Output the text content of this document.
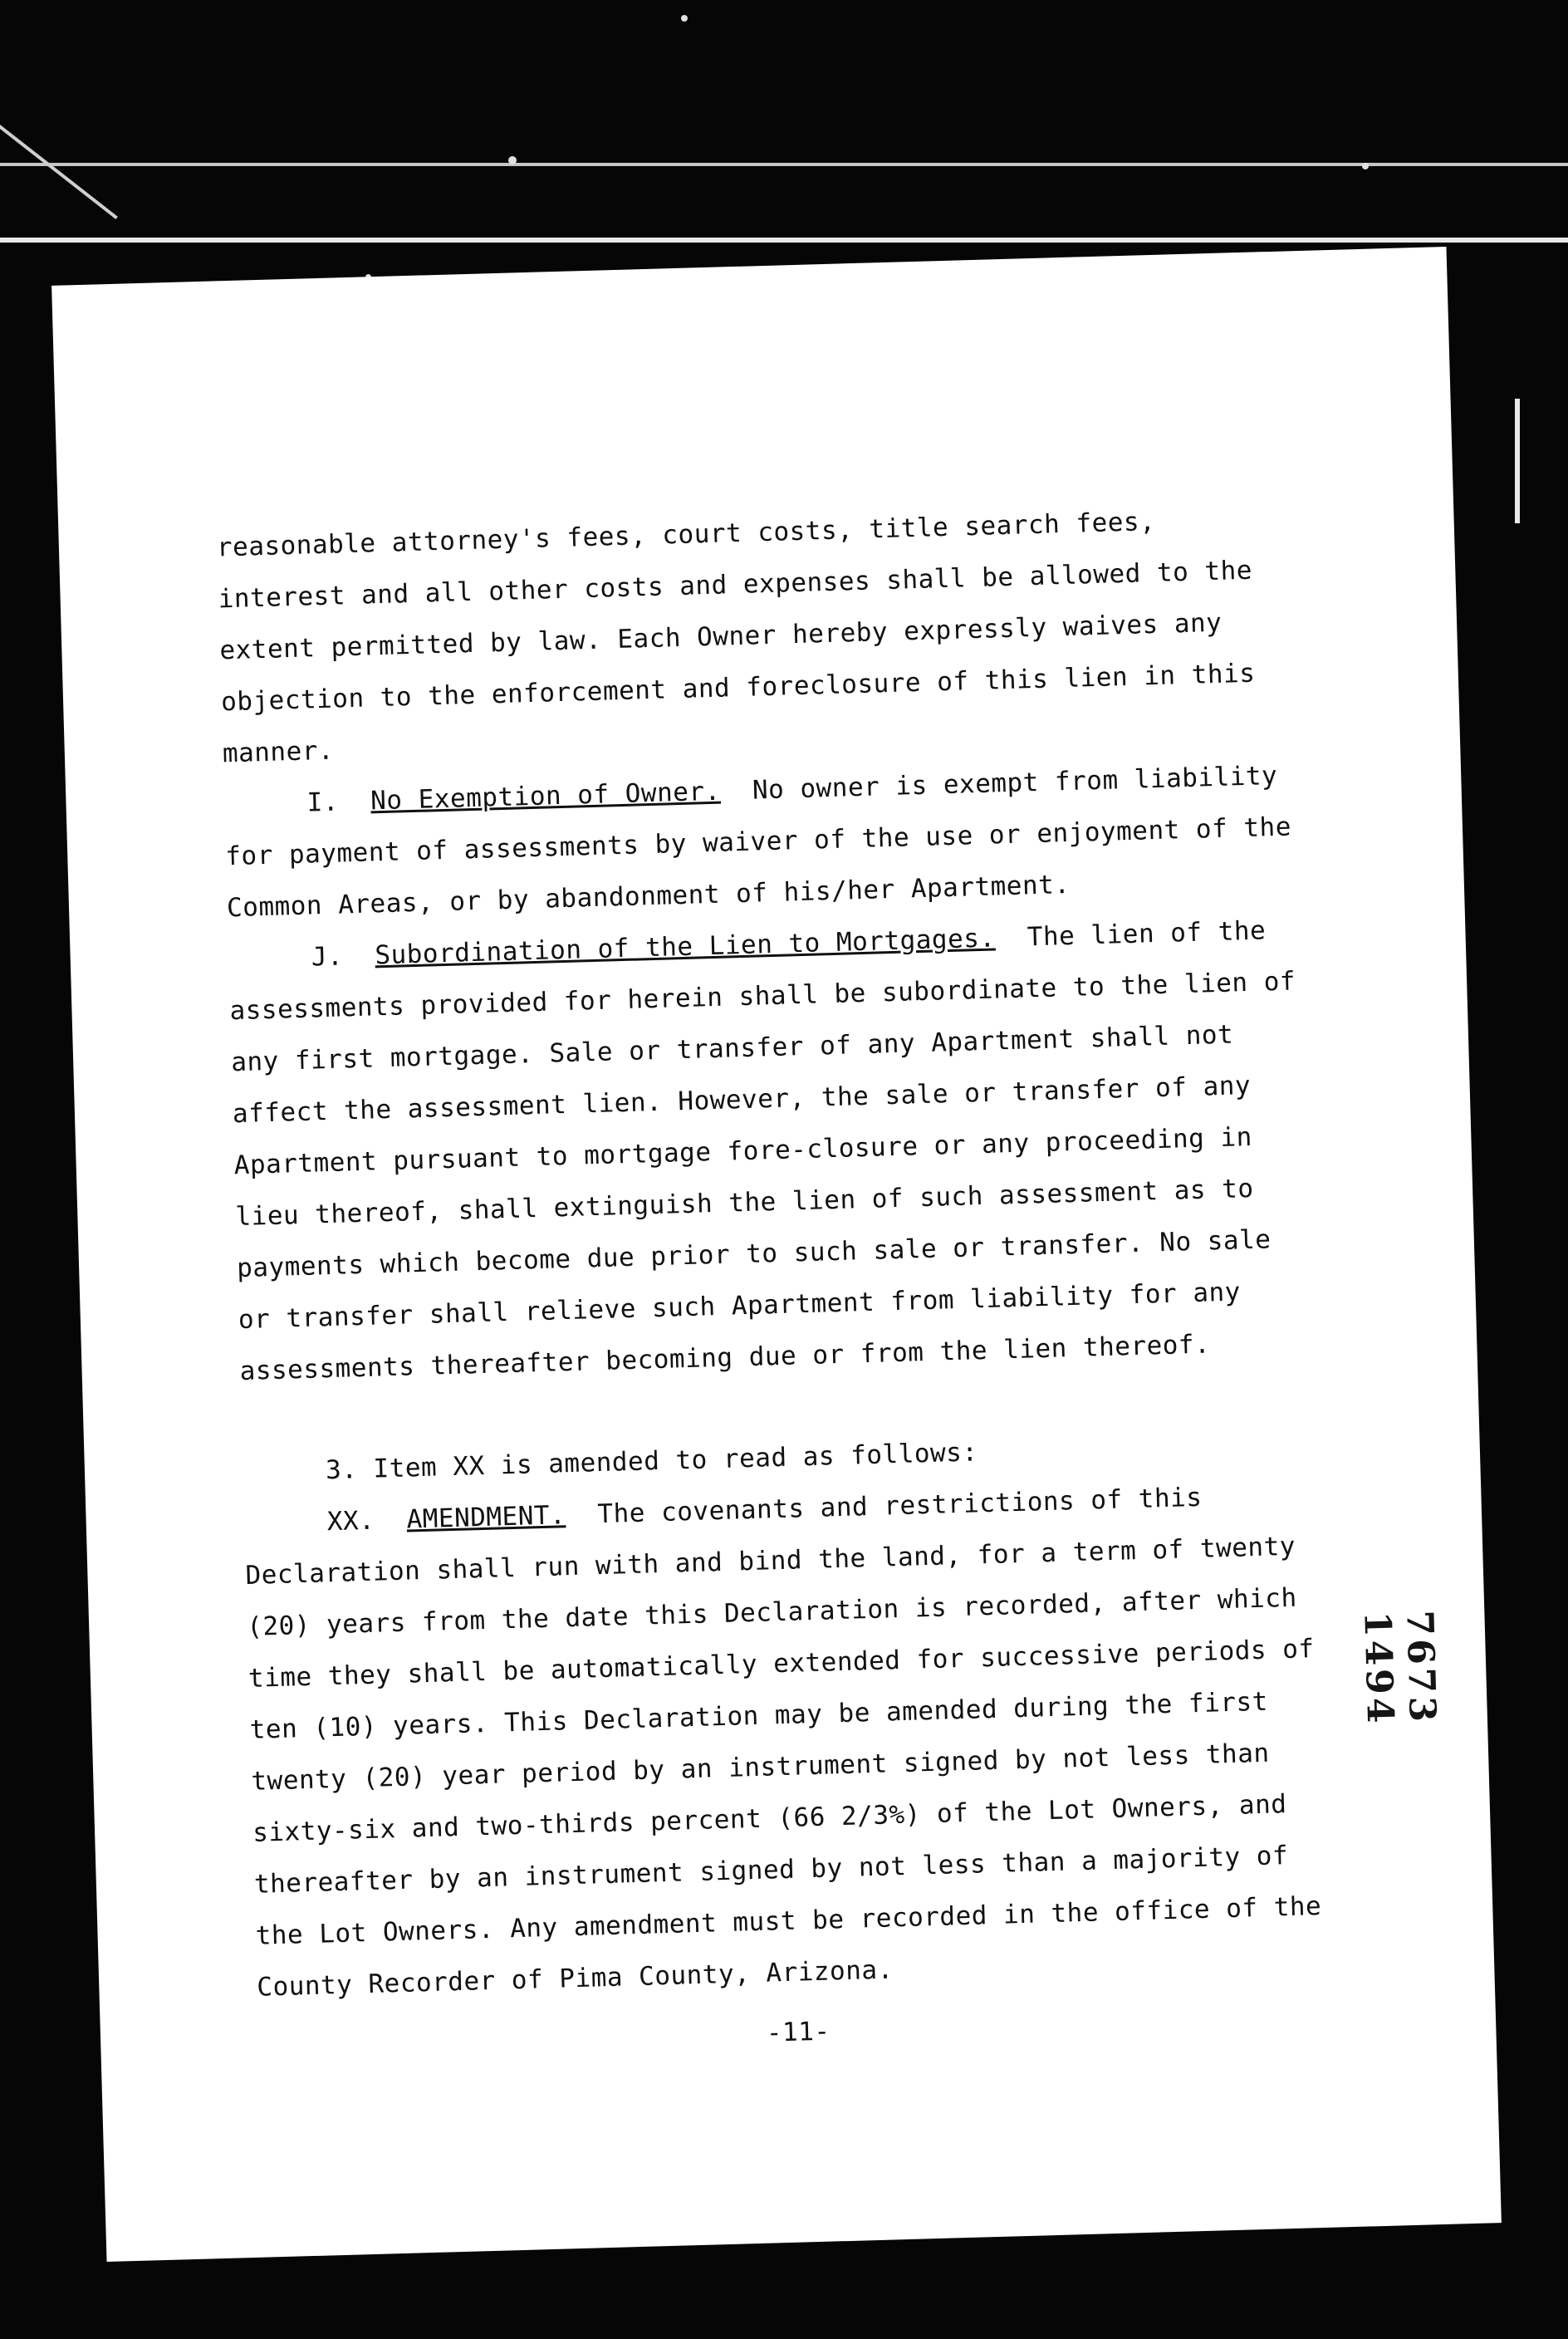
reasonable attorney's fees, court costs, title search fees, interest and all other costs and expenses shall be allowed to the extent permitted by law. Each Owner hereby expressly waives any objection to the enforcement and foreclosure of this lien in this manner.

I. No Exemption of Owner. No owner is exempt from liability for payment of assessments by waiver of the use or enjoyment of the Common Areas, or by abandonment of his/her Apartment.

J. Subordination of the Lien to Mortgages. The lien of the assessments provided for herein shall be subordinate to the lien of any first mortgage. Sale or transfer of any Apartment shall not affect the assessment lien. However, the sale or transfer of any Apartment pursuant to mortgage fore-closure or any proceeding in lieu thereof, shall extinguish the lien of such assessment as to payments which become due prior to such sale or transfer. No sale or transfer shall relieve such Apartment from liability for any assessments thereafter becoming due or from the lien thereof.

3. Item XX is amended to read as follows:

XX. AMENDMENT. The covenants and restrictions of this Declaration shall run with and bind the land, for a term of twenty (20) years from the date this Declaration is recorded, after which time they shall be automatically extended for successive periods of ten (10) years. This Declaration may be amended during the first twenty (20) year period by an instrument signed by not less than sixty-six and two-thirds percent (66 2/3%) of the Lot Owners, and thereafter by an instrument signed by not less than a majority of the Lot Owners. Any amendment must be recorded in the office of the County Recorder of Pima County, Arizona.

-11-

7673
1494
